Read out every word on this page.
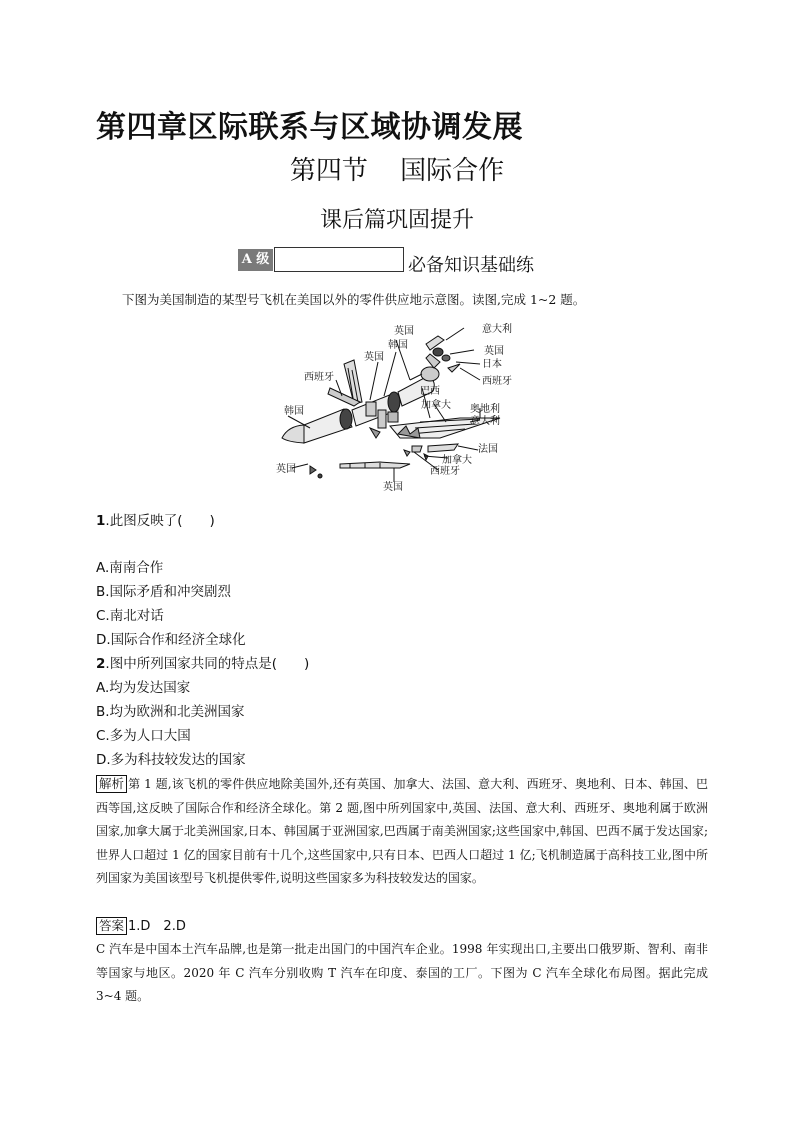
第四章区际联系与区域协调发展
第四节 国际合作
课后篇巩固提升
A 级	必备知识基础练
下图为美国制造的某型号飞机在美国以外的零件供应地示意图。读图,完成 1~2 题。
英国
韩国
英国
西班牙
韩国
英国
英国
意大利
英国
日本
西班牙
巴西
加拿大 奥地利
意大利
法国
加拿大
西班牙
1.此图反映了(　　)
A.南南合作
B.国际矛盾和冲突剧烈
C.南北对话
D.国际合作和经济全球化
2.图中所列国家共同的特点是(　　)
A.均为发达国家
B.均为欧洲和北美洲国家
C.多为人口大国
D.多为科技较发达的国家
解析 第 1 题,该飞机的零件供应地除美国外,还有英国、加拿大、法国、意大利、西班牙、奥地利、日本、韩国、巴西等国,这反映了国际合作和经济全球化。第 2 题,图中所列国家中,英国、法国、意大利、西班牙、奥地利属于欧洲国家,加拿大属于北美洲国家,日本、韩国属于亚洲国家,巴西属于南美洲国家;这些国家中,韩国、巴西不属于发达国家;世界人口超过 1 亿的国家目前有十几个,这些国家中,只有日本、巴西人口超过 1 亿;飞机制造属于高科技工业,图中所列国家为美国该型号飞机提供零件,说明这些国家多为科技较发达的国家。
答案 1.D　2.D
C 汽车是中国本土汽车品牌,也是第一批走出国门的中国汽车企业。1998 年实现出口,主要出口俄罗斯、智利、南非等国家与地区。2020 年 C 汽车分别收购 T 汽车在印度、泰国的工厂。下图为 C 汽车全球化布局图。据此完成 3~4 题。
